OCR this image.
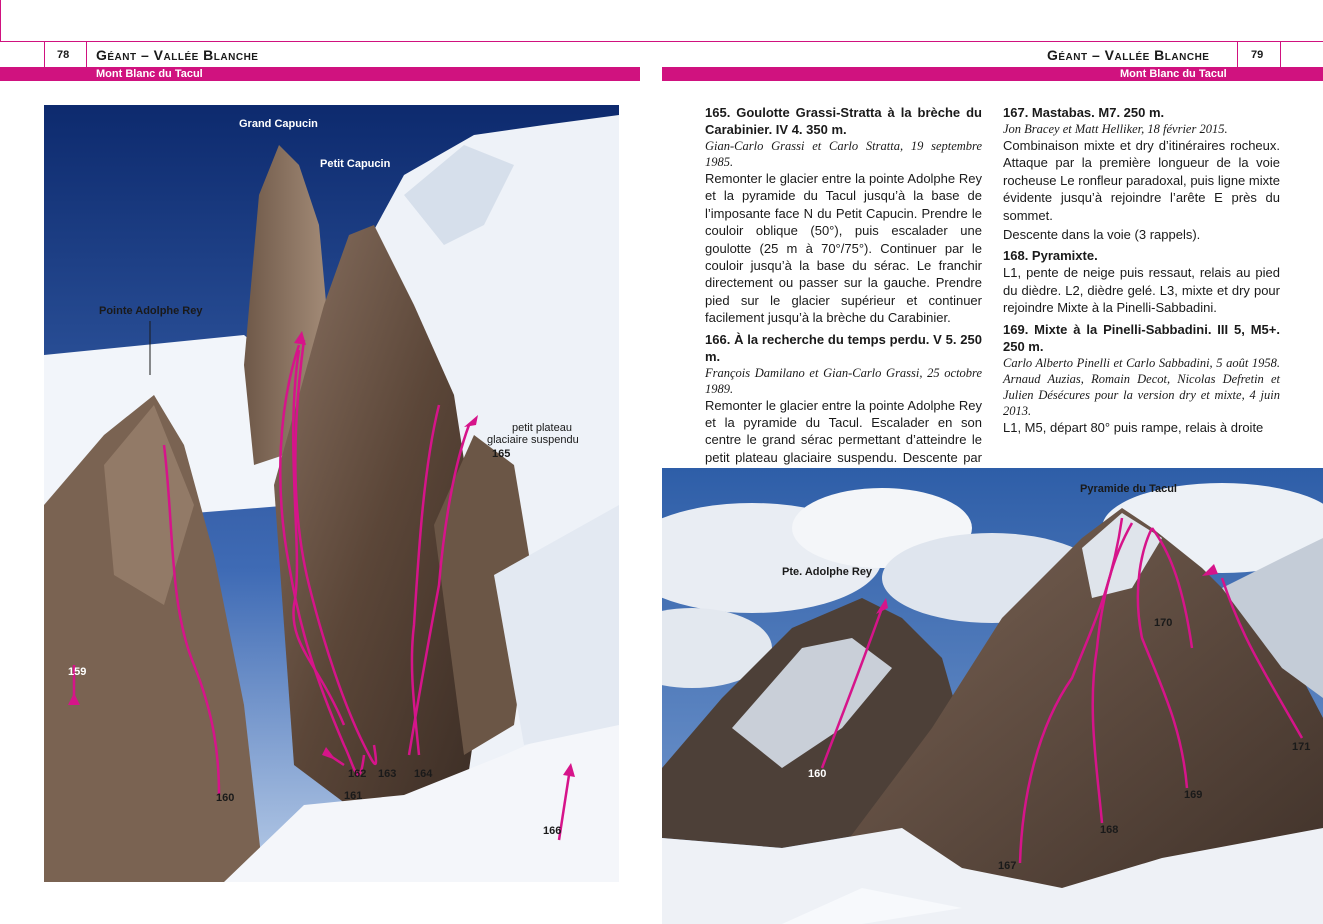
78 Géant – Vallée Blanche	79
Géant – Vallée Blanche
Mont Blanc du Tacul	Mont Blanc du Tacul
Grand Capucin
Petit Capucin
Pointe Adolphe Rey
petit plateau
glaciaire suspendu
159
160	161
162 163 164
165
166
165. Goulotte Grassi-Stratta à la brèche du Carabinier. IV 4. 350 m.

Gian-Carlo Grassi et Carlo Stratta, 19 septembre 1985.

Remonter le glacier entre la pointe Adolphe Rey et la pyramide du Tacul jusqu’à la base de l’imposante face N du Petit Capucin. Prendre le couloir oblique (50°), puis escalader une goulotte (25 m à 70°/75°). Continuer par le couloir jusqu’à la base du sérac. Le franchir directement ou passer sur la gauche. Prendre pied sur le glacier supérieur et continuer facilement jusqu’à la brèche du Carabinier.

166. À la recherche du temps perdu. V 5. 250 m.

François Damilano et Gian-Carlo Grassi, 25 octobre 1989.

Remonter le glacier entre la pointe Adolphe Rey et la pyramide du Tacul. Escalader en son centre le grand sérac permettant d’atteindre le petit plateau glaciaire suspendu. Descente par

167. Mastabas. M7. 250 m.

Jon Bracey et Matt Helliker, 18 février 2015.

Combinaison mixte et dry d’itinéraires rocheux. Attaque par la première longueur de la voie rocheuse Le ronfleur paradoxal, puis ligne mixte évidente jusqu’à rejoindre l’arête E près du sommet.

Descente dans la voie (3 rappels).

168. Pyramixte.

L1, pente de neige puis ressaut, relais au pied du dièdre. L2, dièdre gelé. L3, mixte et dry pour rejoindre Mixte à la Pinelli-Sabbadini.

169. Mixte à la Pinelli-Sabbadini. III 5, M5+. 250 m.

Carlo Alberto Pinelli et Carlo Sabbadini, 5 août 1958. Arnaud Auzias, Romain Decot, Nicolas Defretin et Julien Désécures pour la version dry et mixte, 4 juin 2013.

L1, M5, départ 80° puis rampe, relais à droite

Pyramide du Tacul
Pte. Adolphe Rey
160
167
168
169
170
171
